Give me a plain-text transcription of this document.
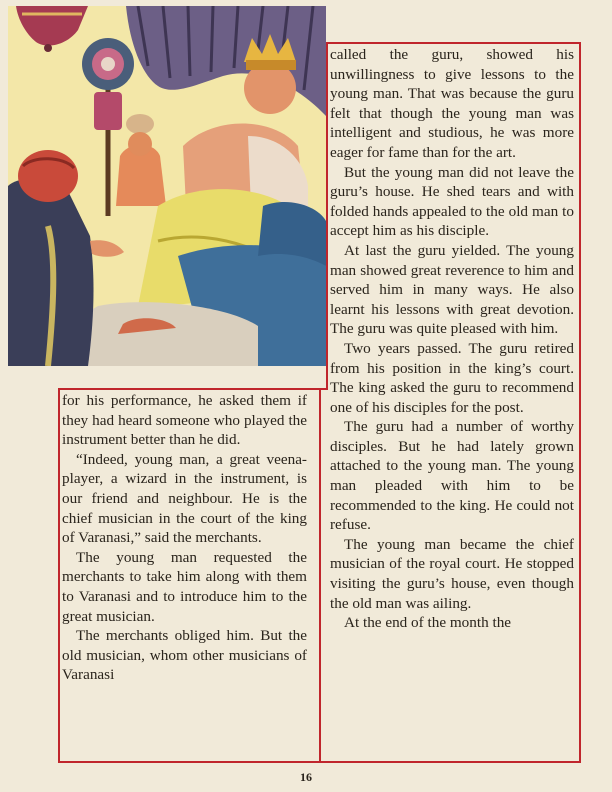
for his performance, he asked them if they had heard someone who played the instrument better than he did.

“Indeed, young man, a great veena-player, a wizard in the instrument, is our friend and neighbour. He is the chief musician in the court of the king of Varanasi,” said the merchants.

The young man requested the merchants to take him along with them to Varanasi and to introduce him to the great musician.

The merchants obliged him. But the old musician, whom other musicians of Varanasi

called the guru, showed his unwillingness to give lessons to the young man. That was because the guru felt that though the young man was intelligent and studious, he was more eager for fame than for the art.

But the young man did not leave the guru’s house. He shed tears and with folded hands appealed to the old man to accept him as his disciple.

At last the guru yielded. The young man showed great reverence to him and served him in many ways. He also learnt his lessons with great devotion. The guru was quite pleased with him.

Two years passed. The guru retired from his position in the king’s court. The king asked the guru to recommend one of his disciples for the post.

The guru had a number of worthy disciples. But he had lately grown attached to the young man. The young man pleaded with him to be recommended to the king. He could not refuse.

The young man became the chief musician of the royal court. He stopped visiting the guru’s house, even though the old man was ailing.

At the end of the month the

16
